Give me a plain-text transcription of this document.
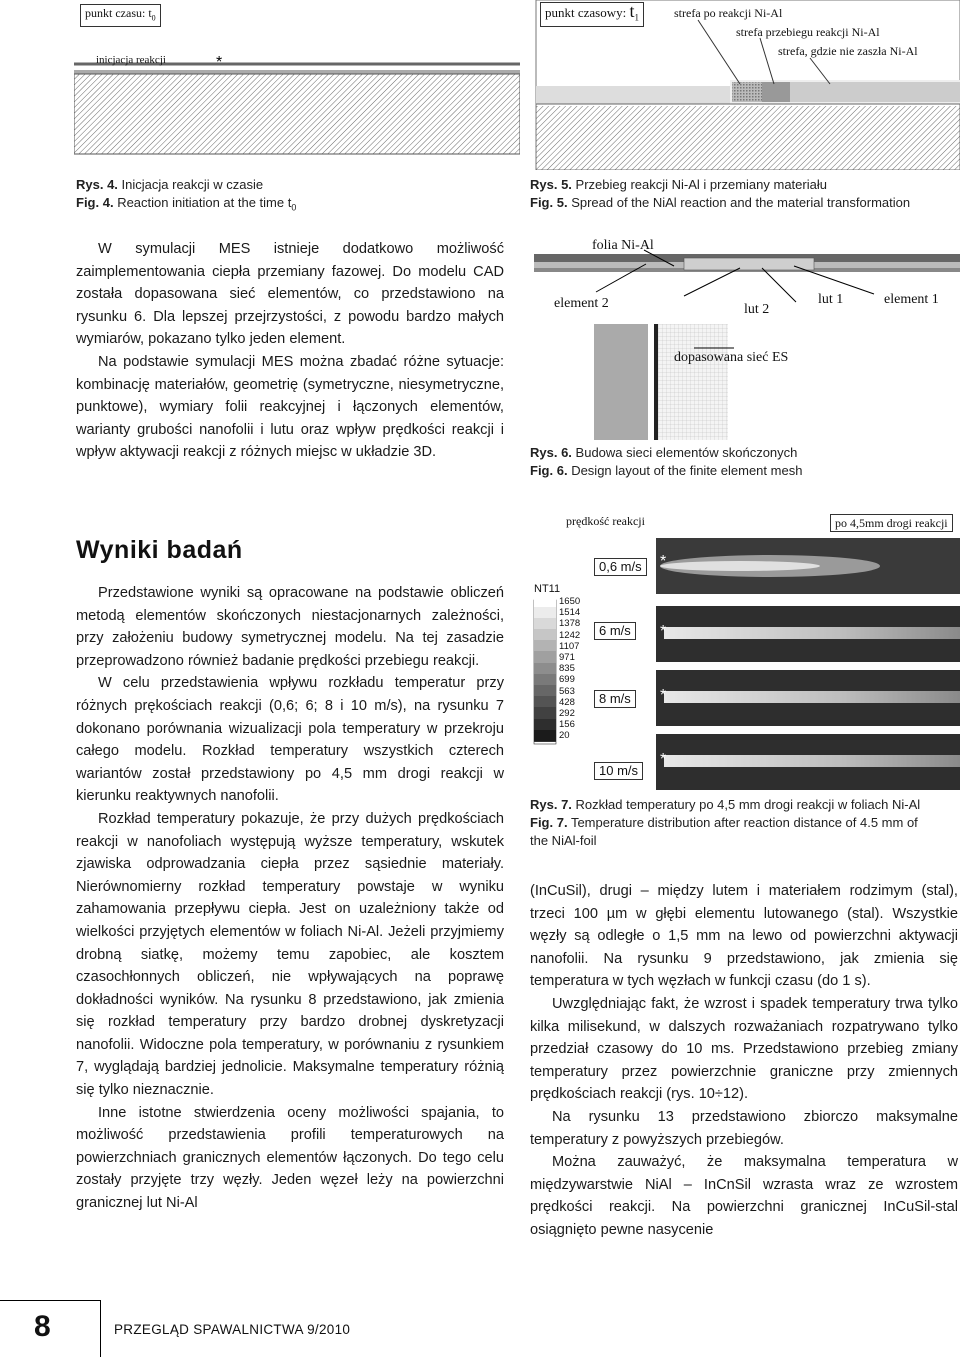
*
punkt czasu: $t_0$
inicjacja reakcji
Rys. 4. Inicjacja reakcji w czasie
Fig. 4. Reaction initiation at the time $t_0$
punkt czasowy: $t_1$	strefa po reakcji Ni-Al
strefa przebiegu reakcji Ni-Al
strefa, gdzie nie zaszła Ni-Al
Rys. 5. Przebieg reakcji Ni-Al i przemiany materiału
Fig. 5. Spread of the NiAl reaction and the material transformation

W symulacji MES istnieje dodatkowo możliwość zaimplementowania ciepła przemiany fazowej. Do modelu CAD została dopasowana sieć elementów, co przedstawiono na rysunku 6. Dla lepszej przejrzystości, z powodu bardzo małych wymiarów, pokazano tylko jeden element.

Na podstawie symulacji MES można zbadać różne sytuacje: kombinację materiałów, geometrię (symetryczne, niesymetryczne, punktowe), wymiary folii reakcyjnej i łączonych elementów, warianty grubości nanofolii i lutu oraz wpływ prędkości reakcji i wpływ aktywacji reakcji z różnych miejsc w układzie 3D.

folia Ni-Al
element 2	lut 1	element 1
lut 2
dopasowana sieć ES
Rys. 6. Budowa sieci elementów skończonych
Fig. 6. Design layout of the finite element mesh
Wyniki badań

Przedstawione wyniki są opracowane na podstawie obliczeń metodą elementów skończonych niestacjonarnych zależności, przy założeniu budowy symetrycznej modelu. Na tej zasadzie przeprowadzono również badanie prędkości przebiegu reakcji.

W celu przedstawienia wpływu rozkładu temperatur przy różnych prękościach reakcji (0,6; 6; 8 i 10 m/s), na rysunku 7 dokonano porównania wizualizacji pola temperatury w przekroju całego modelu. Rozkład temperatury wszystkich czterech wariantów został przedstawiony po 4,5 mm drogi reakcji w kierunku reaktywnych nanofolii.

Rozkład temperatury pokazuje, że przy dużych prędkościach reakcji w nanofoliach występują wyższe temperatury, wskutek zjawiska odprowadzania ciepła przez sąsiednie materiały. Nierównomierny rozkład temperatury powstaje w wyniku zahamowania przepływu ciepła. Jest on uzależniony także od wielkości przyjętych elementów w foliach Ni-Al. Jeżeli przyjmiemy drobną siatkę, możemy temu zapobiec, ale kosztem czasochłonnych obliczeń, nie wpływających na poprawę dokładności wyników. Na rysunku 8 przedstawiono, jak zmienia się rozkład temperatury przy bardzo drobnej dyskretyzacji nanofolii. Widoczne pola temperatury, w porównaniu z rysunkiem 7, wyglądają bardziej jednolicie. Maksymalne temperatury różnią się tylko nieznacznie.

Inne istotne stwierdzenia oceny możliwości spajania, to możliwość przedstawienia profili temperaturowych na powierzchniach granicznych elementów łączonych. Do tego celu zostały przyjęte trzy węzły. Jeden węzeł leży na powierzchni granicznej lut Ni-Al

*
*
*
*
prędkość reakcji	po 4,5mm drogi reakcji
NT11
1650
1514
1378
1242
1107
971
835
699
563
428
292
156
20
0,6 m/s
6 m/s
8 m/s
10 m/s
Rys. 7. Rozkład temperatury po 4,5 mm drogi reakcji w foliach Ni-Al
Fig. 7. Temperature distribution after reaction distance of 4.5 mm of
the NiAl-foil

(InCuSil), drugi – między lutem i materiałem rodzimym (stal), trzeci 100 µm w głębi elementu lutowanego (stal). Wszystkie węzły są odległe o 1,5 mm na lewo od powierzchni aktywacji nanofolii. Na rysunku 9 przedstawiono, jak zmienia się temperatura w tych węzłach w funkcji czasu (do 1 s).

Uwzględniając fakt, że wzrost i spadek temperatury trwa tylko kilka milisekund, w dalszych rozważaniach rozpatrywano tylko przedział czasowy do 10 ms. Przedstawiono przebieg zmiany temperatury przez powierzchnie graniczne przy zmiennych prędkościach reakcji (rys. 10÷12).

Na rysunku 13 przedstawiono zbiorczo maksymalne temperatury z powyższych przebiegów.

Można zauważyć, że maksymalna temperatura w międzywarstwie NiAl – InCnSil wzrasta wraz ze wzrostem prędkości reakcji. Na powierzchni granicznej InCuSil-stal osiągnięto pewne nasycenie

8	PRZEGLĄD SPAWALNICTWA 9/2010
